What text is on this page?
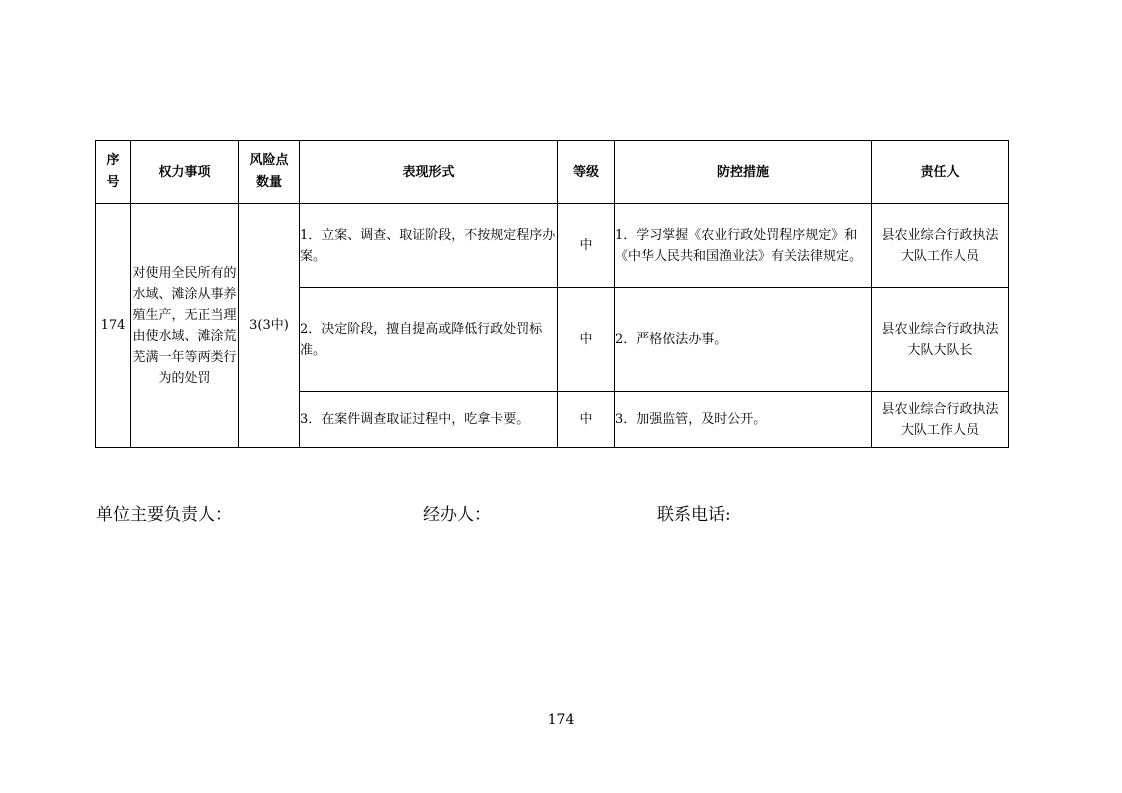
序号	权力事项	风险点数量	表现形式	等级	防控措施	责任人
174	对使用全民所有的水域、滩涂从事养殖生产，无正当理由使水域、滩涂荒芜满一年等两类行为的处罚	3(3中)	1．立案、调查、取证阶段，不按规定程序办案。	中	1．学习掌握《农业行政处罚程序规定》和《中华人民共和国渔业法》有关法律规定。	县农业综合行政执法大队工作人员
			2．决定阶段，擅自提高或降低行政处罚标准。	中	2．严格依法办事。	县农业综合行政执法大队大队长
			3．在案件调查取证过程中，吃拿卡要。	中	3．加强监管，及时公开。	县农业综合行政执法大队工作人员
单位主要负责人：	经办人：	联系电话:
174
